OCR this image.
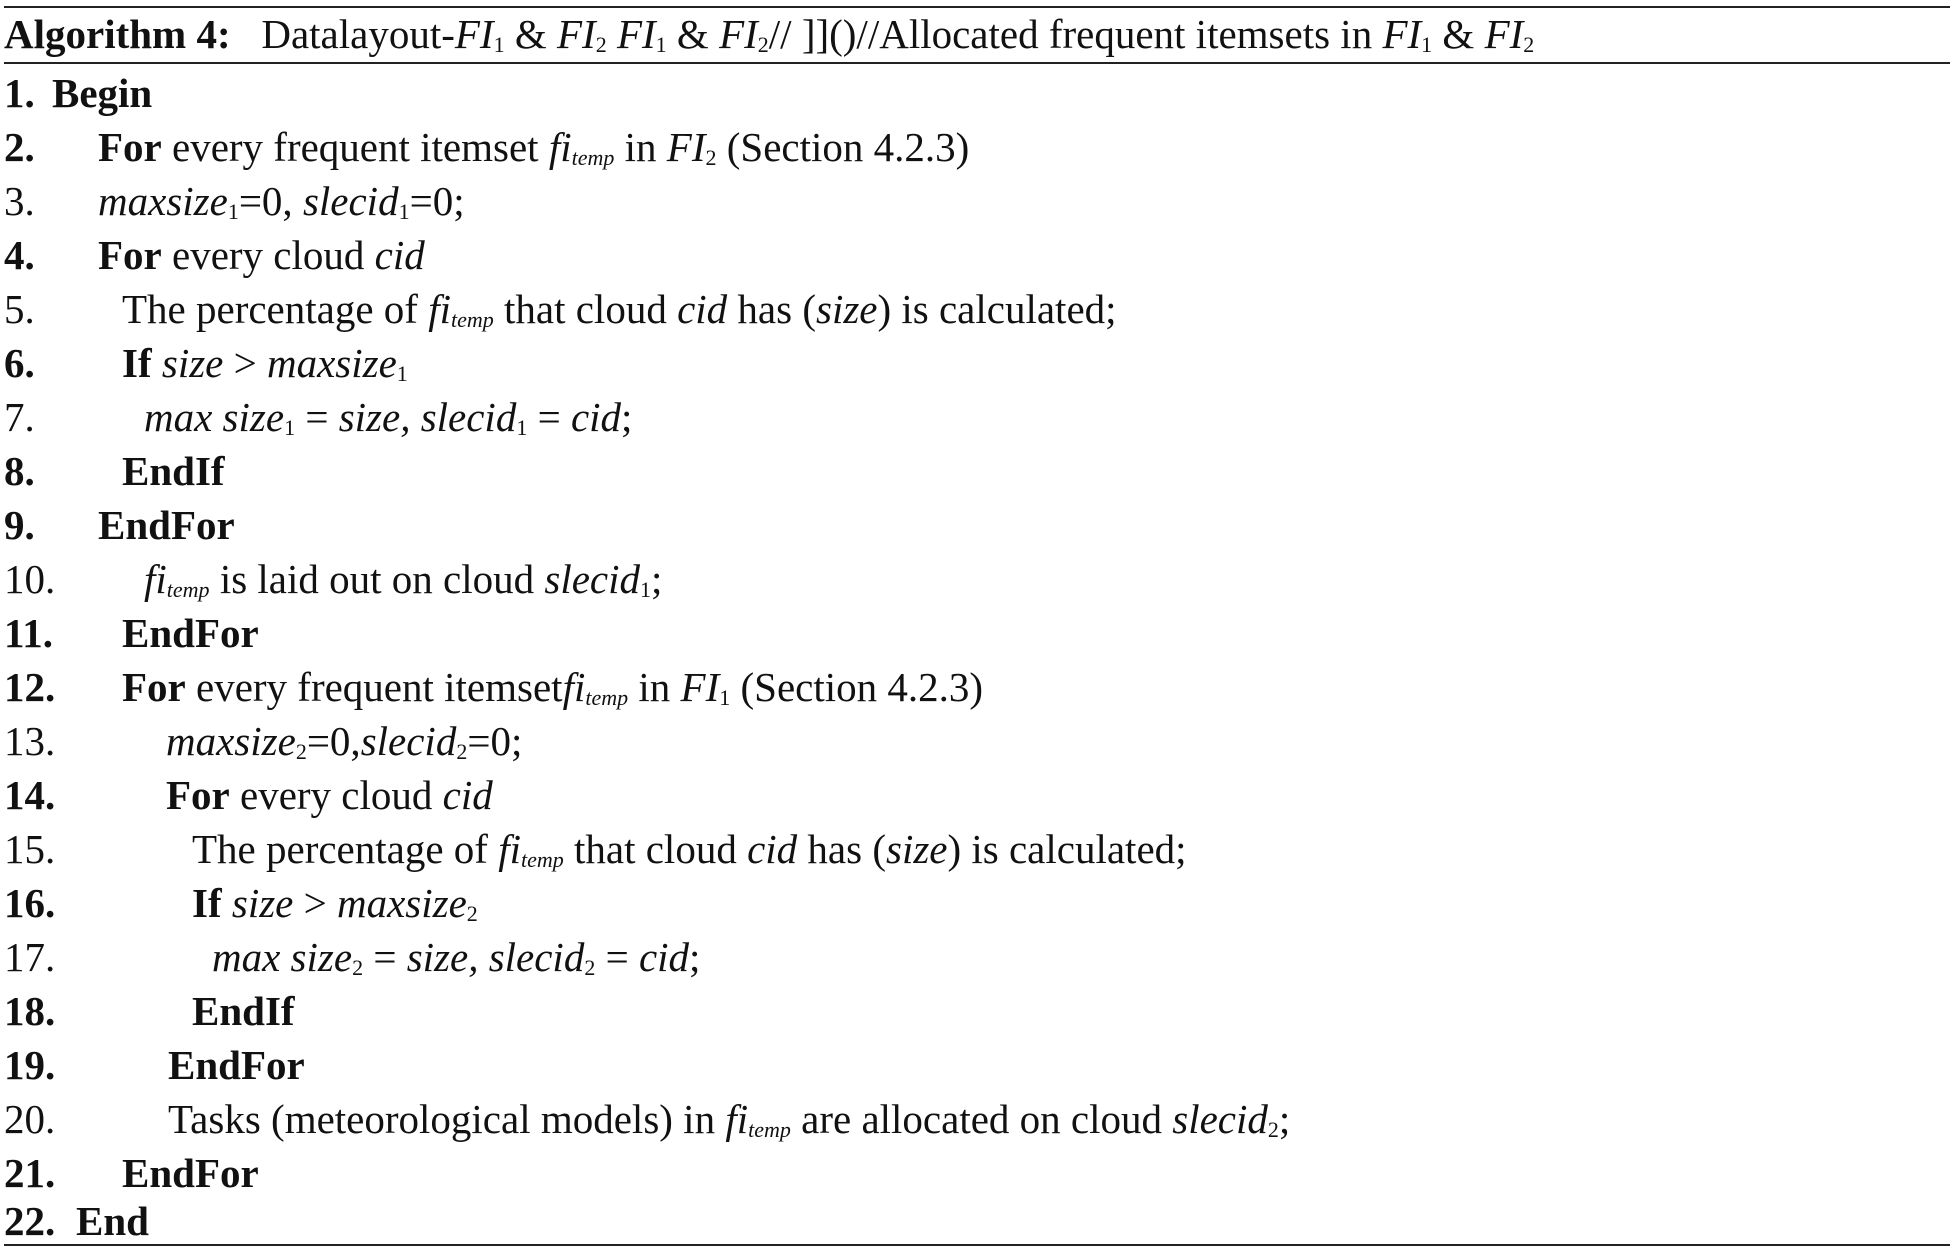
Algorithm 4:   Datalayout-$FI_1$ & $FI_2$ $FI_1$ & $FI_2//$ ]]()//Allocated frequent itemsets in $FI_1$ & $FI_2$
1. Begin
2. For every frequent itemset $fi_{temp}$ in $FI_2$ (Section 4.2.3)
3. maxsize$_1$=0, slecid$_1$=0;
4. For every cloud cid
5. The percentage of $fi_{temp}$ that cloud cid has (size) is calculated;
6. If size > maxsize$_1$
7.	max size$_1$ = size, slecid$_1$ = cid;
8. EndIf
9. EndFor
10. $fi_{temp}$ is laid out on cloud slecid$_1$;
11. EndFor
12. For every frequent itemsetfi$_{temp}$ in $FI_1$ (Section 4.2.3)
13.	maxsize$_2$=0,slecid$_2$=0;
14.	For every cloud cid
15.	The percentage of $fi_{temp}$ that cloud cid has (size) is calculated;
16.	If size > maxsize$_2$
17.	max size$_2$ = size, slecid$_2$ = cid;
18.	EndIf
19.	EndFor
20.	Tasks (meteorological models) in $fi_{temp}$ are allocated on cloud slecid$_2$;
21. EndFor
22. End
